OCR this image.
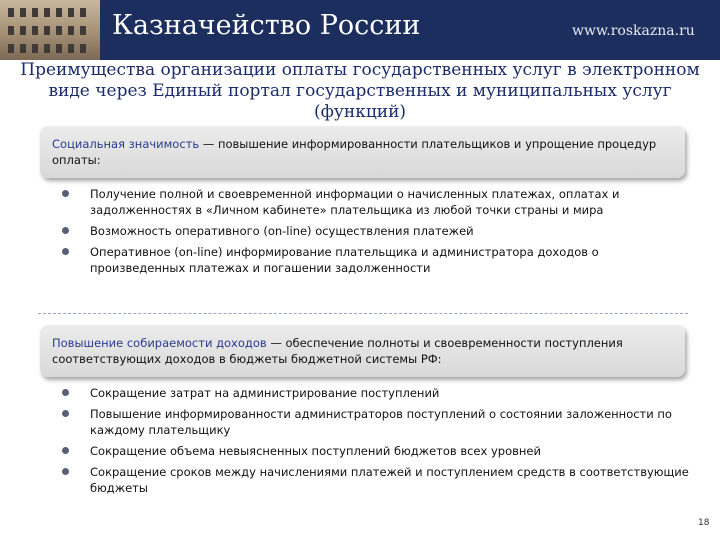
Казначейство России	www.roskazna.ru
Преимущества организации оплаты государственных услуг в электронном виде через Единый портал государственных и муниципальных услуг (функций)
Социальная значимость — повышение информированности плательщиков и упрощение процедур оплаты:
Получение полной и своевременной информации о начисленных платежах, оплатах и задолженностях в «Личном кабинете» плательщика из любой точки страны и мира
Возможность оперативного (on-line) осуществления платежей
Оперативное (on-line) информирование плательщика и администратора доходов о произведенных платежах и погашении задолженности
Повышение собираемости доходов — обеспечение полноты и своевременности поступления соответствующих доходов в бюджеты бюджетной системы РФ:
Сокращение затрат на администрирование поступлений
Повышение информированности администраторов поступлений о состоянии заложенности по каждому плательщику
Сокращение объема невыясненных поступлений бюджетов всех уровней
Сокращение сроков между начислениями платежей и поступлением средств в соответствующие бюджеты
18
